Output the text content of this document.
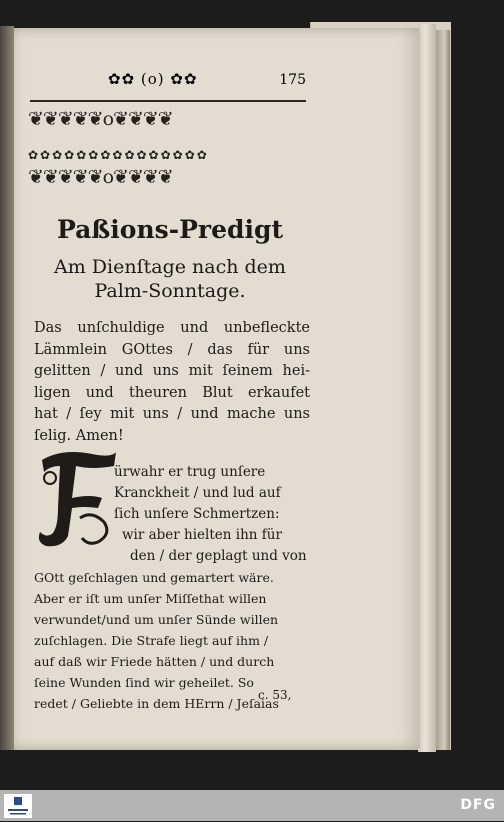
✿✿ (o) ✿✿	175
❦❦❦❦❦o❦❦❦❦
✿✿✿✿✿✿✿✿✿✿✿✿✿✿✿
❦❦❦❦❦o❦❦❦❦
Paßions-Predigt
Am Dienſtage nach dem
Palm-Sonntage.
Das unſchuldige und unbefleckte
Lämmlein GOttes / das für uns
gelitten / und uns mit ſeinem hei-
ligen und theuren Blut erkaufet
hat / ſey mit uns / und mache uns
ſelig. Amen!
ürwahr er trug unſere
Kranckheit / und lud auf
ſich unſere Schmertzen:
wir aber hielten ihn für
den / der geplagt und von
GOtt geſchlagen und gemartert wäre.
Aber er iſt um unſer Miſſethat willen
verwundet/und um unſer Sünde willen
zuſchlagen. Die Strafe liegt auf ihm /
auf daß wir Friede hätten / und durch
ſeine Wunden ſind wir geheilet. So
redet / Geliebte in dem HErrn / Jeſaias
c. 53,
DFG
